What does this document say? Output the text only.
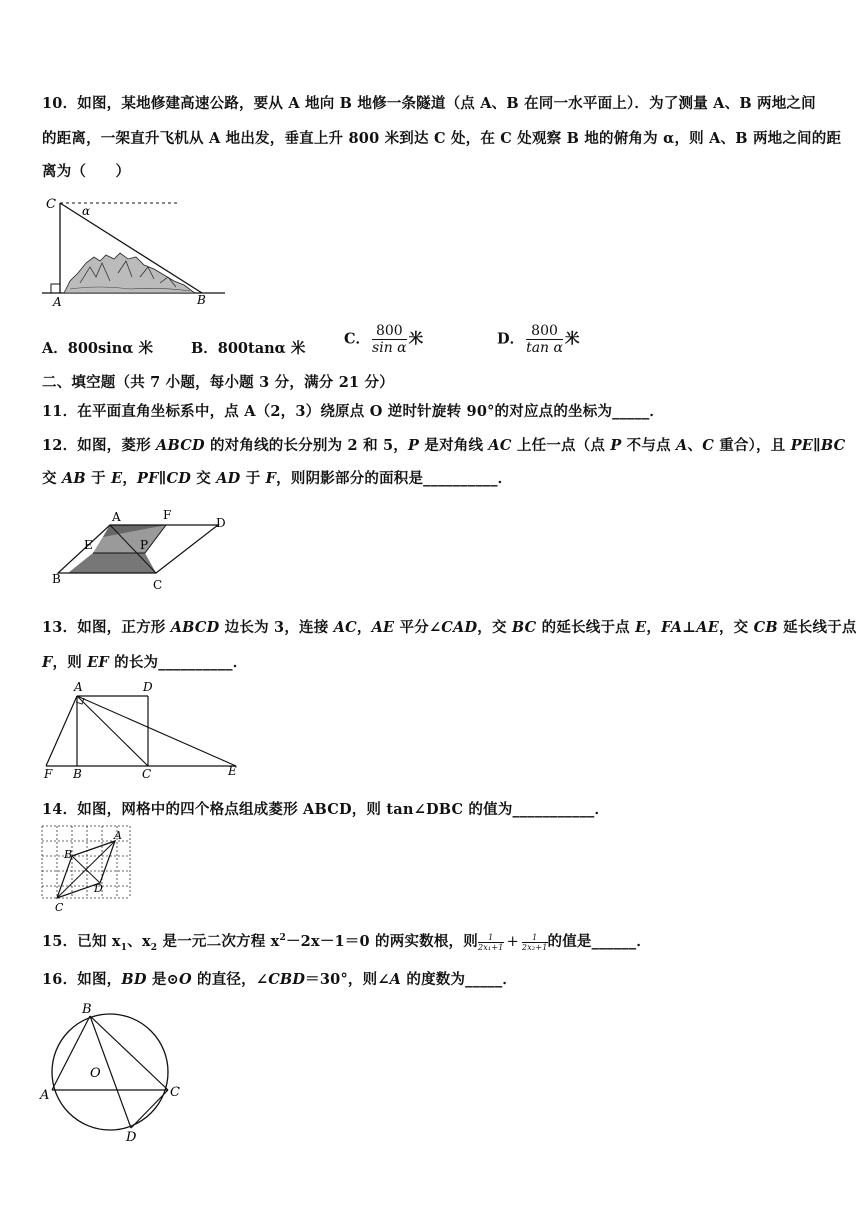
10．如图，某地修建高速公路，要从 A 地向 B 地修一条隧道（点 A、B 在同一水平面上）．为了测量 A、B 两地之间
的距离，一架直升飞机从 A 地出发，垂直上升 800 米到达 C 处，在 C 处观察 B 地的俯角为 α，则 A、B 两地之间的距
离为（　　）
C α
A	B
A．800sinα 米	B．800tanα 米
C． $\frac{800}{\text{sin α}}$ 米	D． $\frac{800}{\text{tan α}}$ 米
二、填空题（共 7 小题，每小题 3 分，满分 21 分）
11．在平面直角坐标系中，点 A（2，3）绕原点 O 逆时针旋转 90°的对应点的坐标为_____．
12．如图，菱形 ABCD 的对角线的长分别为 2 和 5，P 是对角线 AC 上任一点（点 P 不与点 A、C 重合），且 PE∥BC
交 AB 于 E，PF∥CD 交 AD 于 F，则阴影部分的面积是__________．
A	F
D
E	P
B	C
13．如图，正方形 ABCD 边长为 3，连接 AC，AE 平分∠CAD，交 BC 的延长线于点 E，FA⊥AE，交 CB 延长线于点
F，则 EF 的长为__________．
A	D
F B	C	E
14．如图，网格中的四个格点组成菱形 ABCD，则 tan∠DBC 的值为___________．
A
B
D
C
15．已知 $x_1$、$x_2$ 是一元二次方程 $x^2-2x-1=0$ 的两实数根，则 $\frac{1}{\text{2x₁+1}} + \frac{1}{\text{2x₂+1}}$ 的值是______．
16．如图，BD 是⊙O 的直径，∠CBD＝30°，则∠A 的度数为_____．
B
O
A	C
D
